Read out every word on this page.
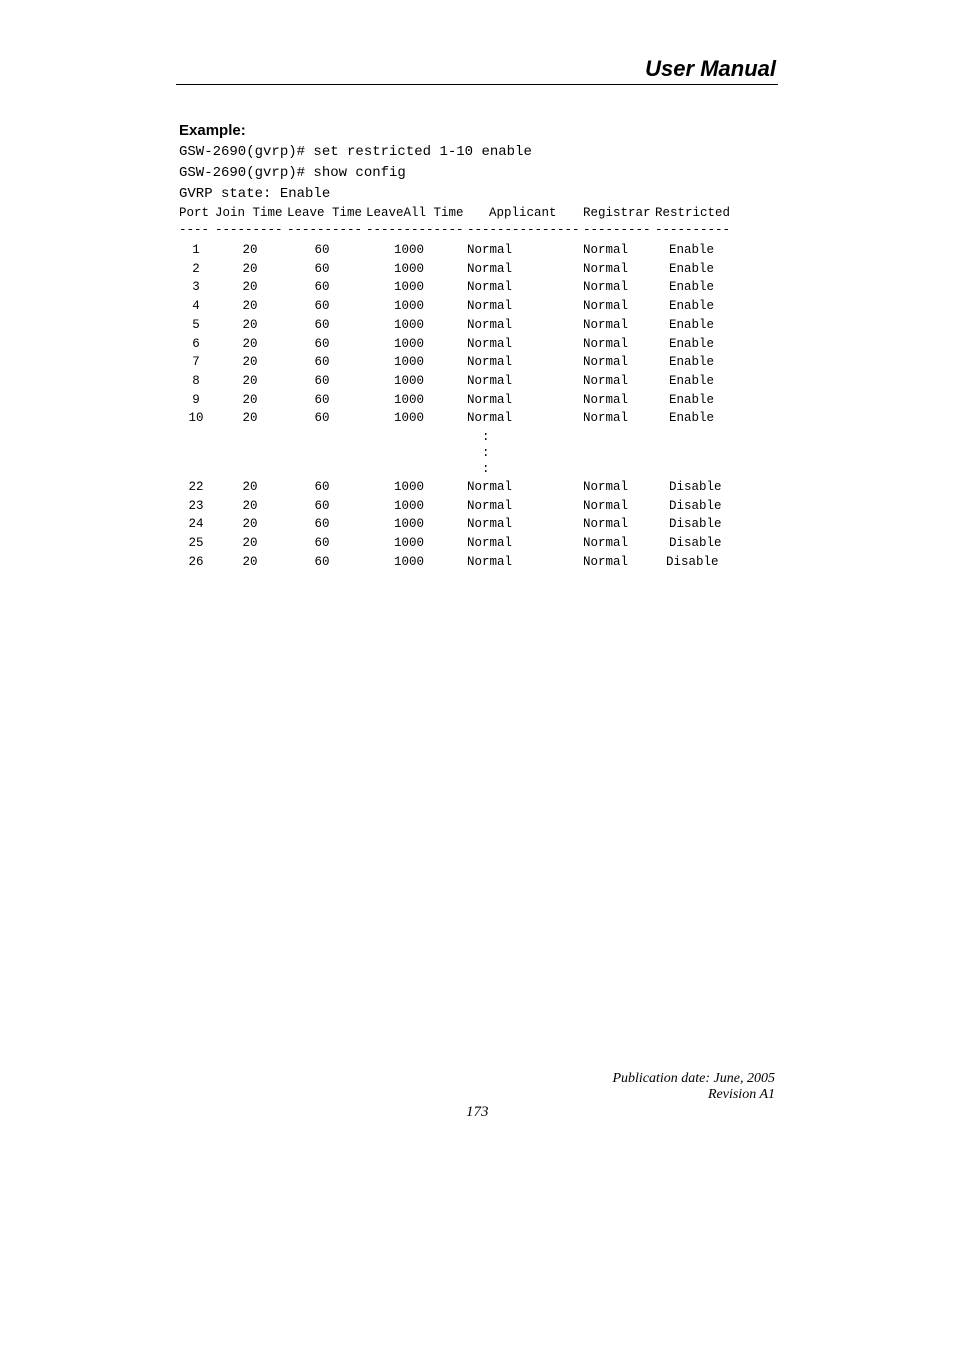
User Manual
Example:
GSW-2690(gvrp)# set restricted 1-10 enable
GSW-2690(gvrp)# show config
GVRP state: Enable
Port Join Time Leave Time LeaveAll Time Applicant Registrar Restricted
---- --------- ---------- ------------- --------------- --------- ----------
1	20	60	1000	Normal	Normal	Enable
2	20	60	1000	Normal	Normal	Enable
3	20	60	1000	Normal	Normal	Enable
4	20	60	1000	Normal	Normal	Enable
5	20	60	1000	Normal	Normal	Enable
6	20	60	1000	Normal	Normal	Enable
7	20	60	1000	Normal	Normal	Enable
8	20	60	1000	Normal	Normal	Enable
9	20	60	1000	Normal	Normal	Enable
10	20	60	1000	Normal	Normal	Enable
:
:
:
22	20	60	1000	Normal	Normal	Disable
23	20	60	1000	Normal	Normal	Disable
24	20	60	1000	Normal	Normal	Disable
25	20	60	1000	Normal	Normal	Disable
26	20	60	1000	Normal	Normal	Disable
Publication date: June, 2005
Revision A1
173
